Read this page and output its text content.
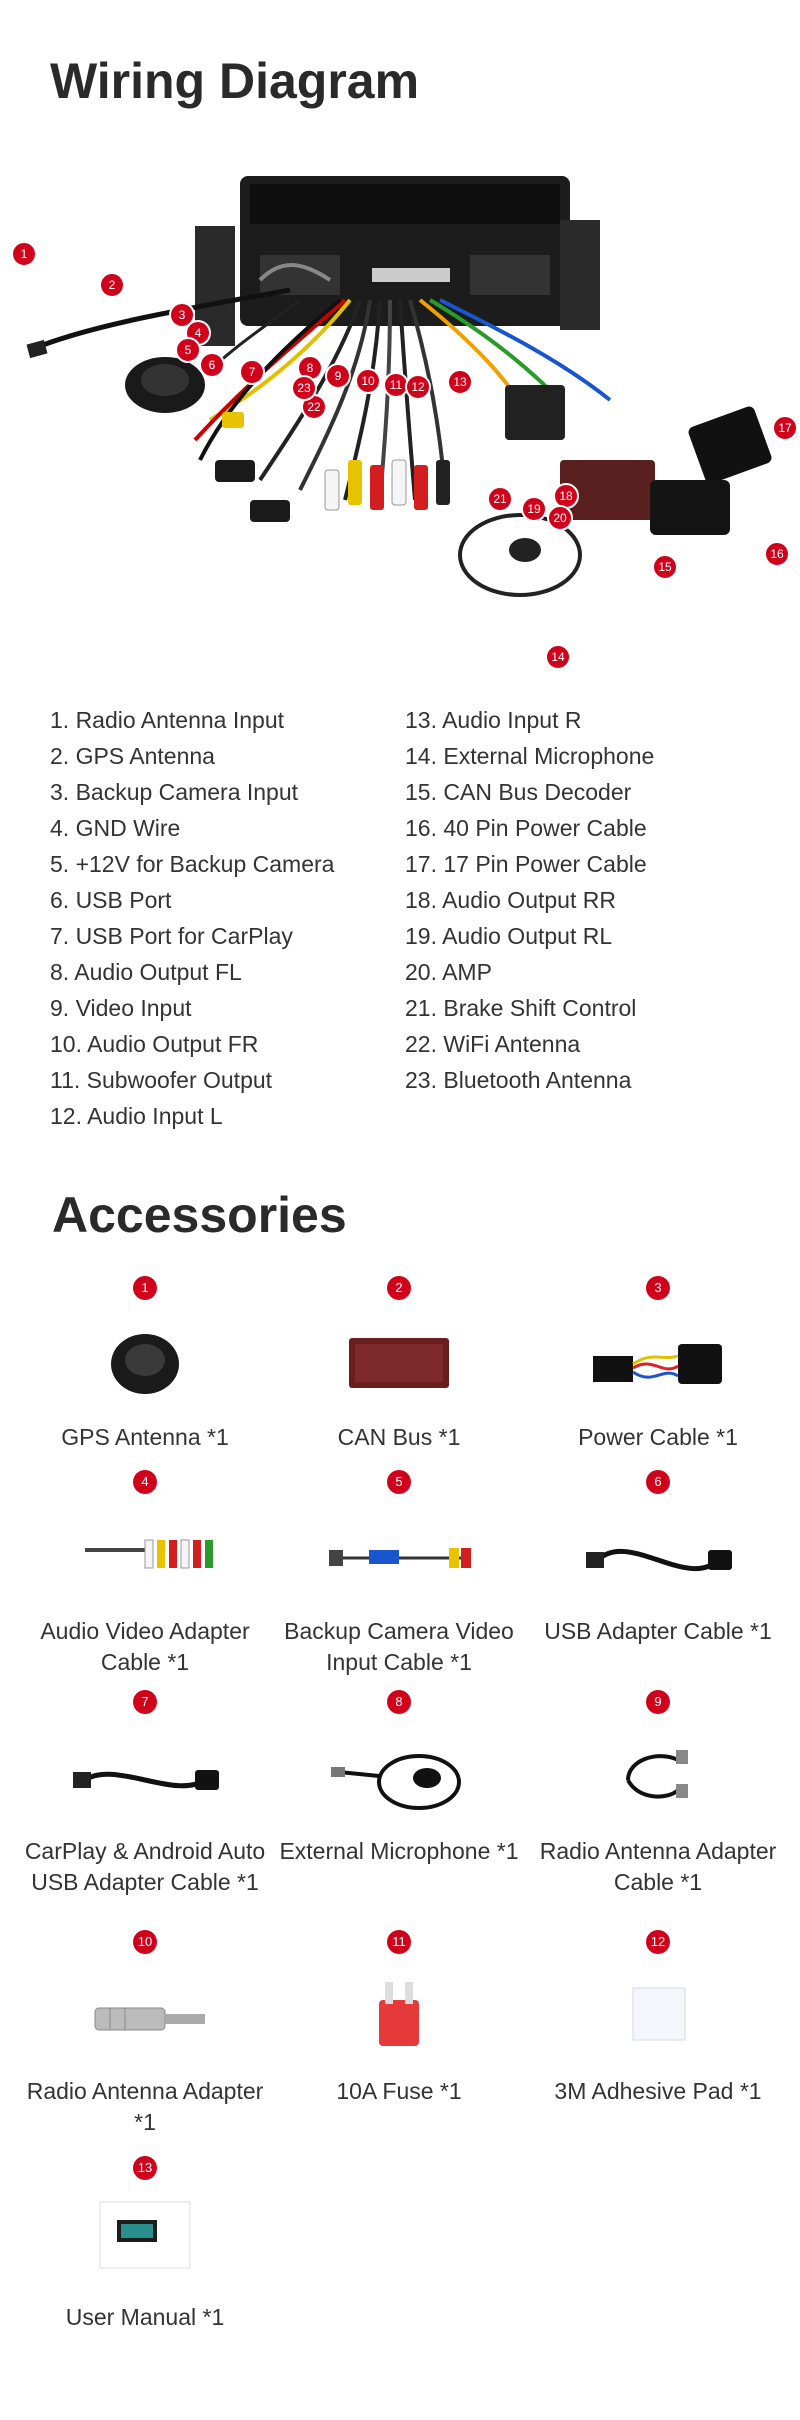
Wiring Diagram
1
2
3
4
5
6	7	8
9 10 11 12 13
14
15
16
17
18
19
20
21
22
23
1. Radio Antenna Input
2. GPS Antenna
3. Backup Camera Input
4. GND Wire
5. +12V for Backup Camera
6. USB Port
7. USB Port for CarPlay
8. Audio Output FL
9. Video Input
10. Audio Output FR
11. Subwoofer Output
12. Audio Input L
13. Audio Input R
14. External Microphone
15. CAN Bus Decoder
16. 40 Pin Power Cable
17. 17 Pin Power Cable
18. Audio Output RR
19. Audio Output RL
20. AMP
21. Brake Shift Control
22. WiFi Antenna
23. Bluetooth Antenna
Accessories
1
GPS Antenna *1
2
CAN Bus *1
3
Power Cable *1
4
Audio Video Adapter Cable *1
5
Backup Camera Video Input Cable *1
6
USB Adapter Cable *1
7
CarPlay & Android Auto USB Adapter Cable *1
8
External Microphone *1
9
Radio Antenna Adapter Cable *1
10
Radio Antenna Adapter *1
11
10A Fuse *1
12
3M Adhesive Pad *1
13
User Manual *1
